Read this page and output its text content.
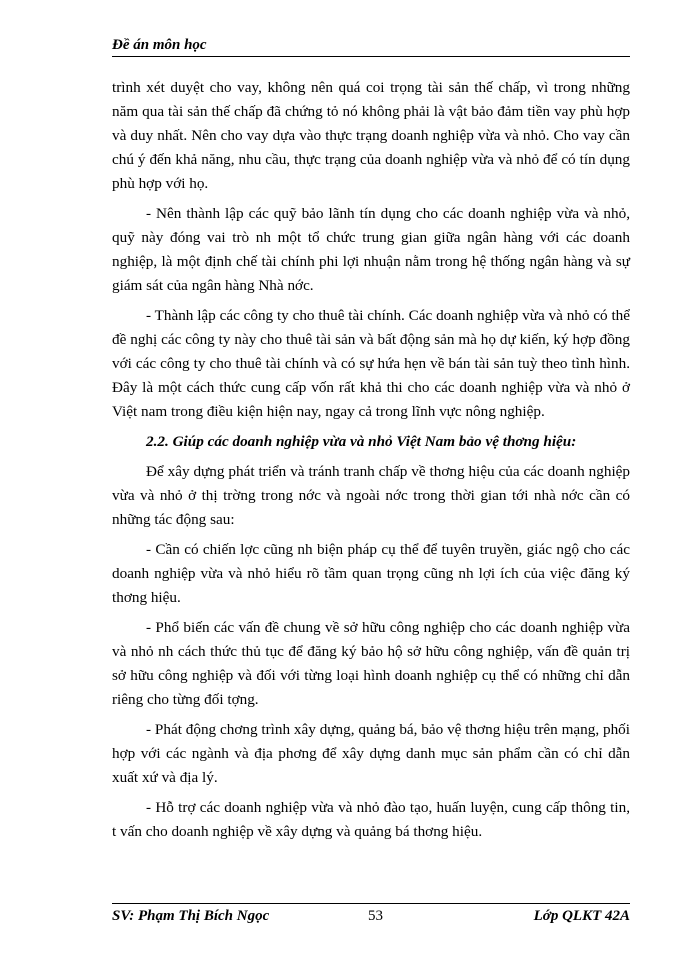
Đề án môn học

trình xét duyệt cho vay, không nên quá coi trọng tài sản thế chấp, vì trong những năm qua tài sản thế chấp đã chứng tỏ nó không phải là vật bảo đảm tiền vay phù hợp và duy nhất. Nên cho vay dựa vào thực trạng doanh nghiệp vừa và nhỏ. Cho vay cần chú ý đến khả năng, nhu cầu, thực trạng của doanh nghiệp vừa và nhỏ để có tín dụng phù hợp với họ.

- Nên thành lập các quỹ bảo lãnh tín dụng cho các doanh nghiệp vừa và nhỏ, quỹ này đóng vai trò nh một tổ chức trung gian giữa ngân hàng với các doanh nghiệp, là một định chế tài chính phi lợi nhuận nằm trong hệ thống ngân hàng và sự giám sát của ngân hàng Nhà nớc.

- Thành lập các công ty cho thuê tài chính. Các doanh nghiệp vừa và nhỏ có thể đề nghị các công ty này cho thuê tài sản và bất động sản mà họ dự kiến, ký hợp đồng với các công ty cho thuê tài chính và có sự hứa hẹn về bán tài sản tuỳ theo tình hình. Đây là một cách thức cung cấp vốn rất khả thi cho các doanh nghiệp vừa và nhỏ ở Việt nam trong điều kiện hiện nay, ngay cả trong lĩnh vực nông nghiệp.

2.2. Giúp các doanh nghiệp vừa và nhỏ Việt Nam bảo vệ thơng hiệu:

Để xây dựng phát triển và tránh tranh chấp về thơng hiệu của các doanh nghiệp vừa và nhỏ ở thị trờng trong nớc và ngoài nớc trong thời gian tới nhà nớc cần có những tác động sau:

- Cần có chiến lợc cũng nh biện pháp cụ thể để tuyên truyền, giác ngộ cho các doanh nghiệp vừa và nhỏ hiểu rõ tầm quan trọng cũng nh lợi ích của việc đăng ký thơng hiệu.

- Phổ biến các vấn đề chung về sở hữu công nghiệp cho các doanh nghiệp vừa và nhỏ nh cách thức thủ tục để đăng ký bảo hộ sở hữu công nghiệp, vấn đề quản trị sở hữu công nghiệp và đối với từng loại hình doanh nghiệp cụ thể có những chỉ dẫn riêng cho từng đối tợng.

- Phát động chơng trình xây dựng, quảng bá, bảo vệ thơng hiệu trên mạng, phối hợp với các ngành và địa phơng để xây dựng danh mục sản phẩm cần có chỉ dẫn xuất xứ và địa lý.

- Hỗ trợ các doanh nghiệp vừa và nhỏ đào tạo, huấn luyện, cung cấp thông tin, t vấn cho doanh nghiệp về xây dựng và quảng bá thơng hiệu.

SV: Phạm Thị Bích Ngọc	53	Lớp QLKT 42A
